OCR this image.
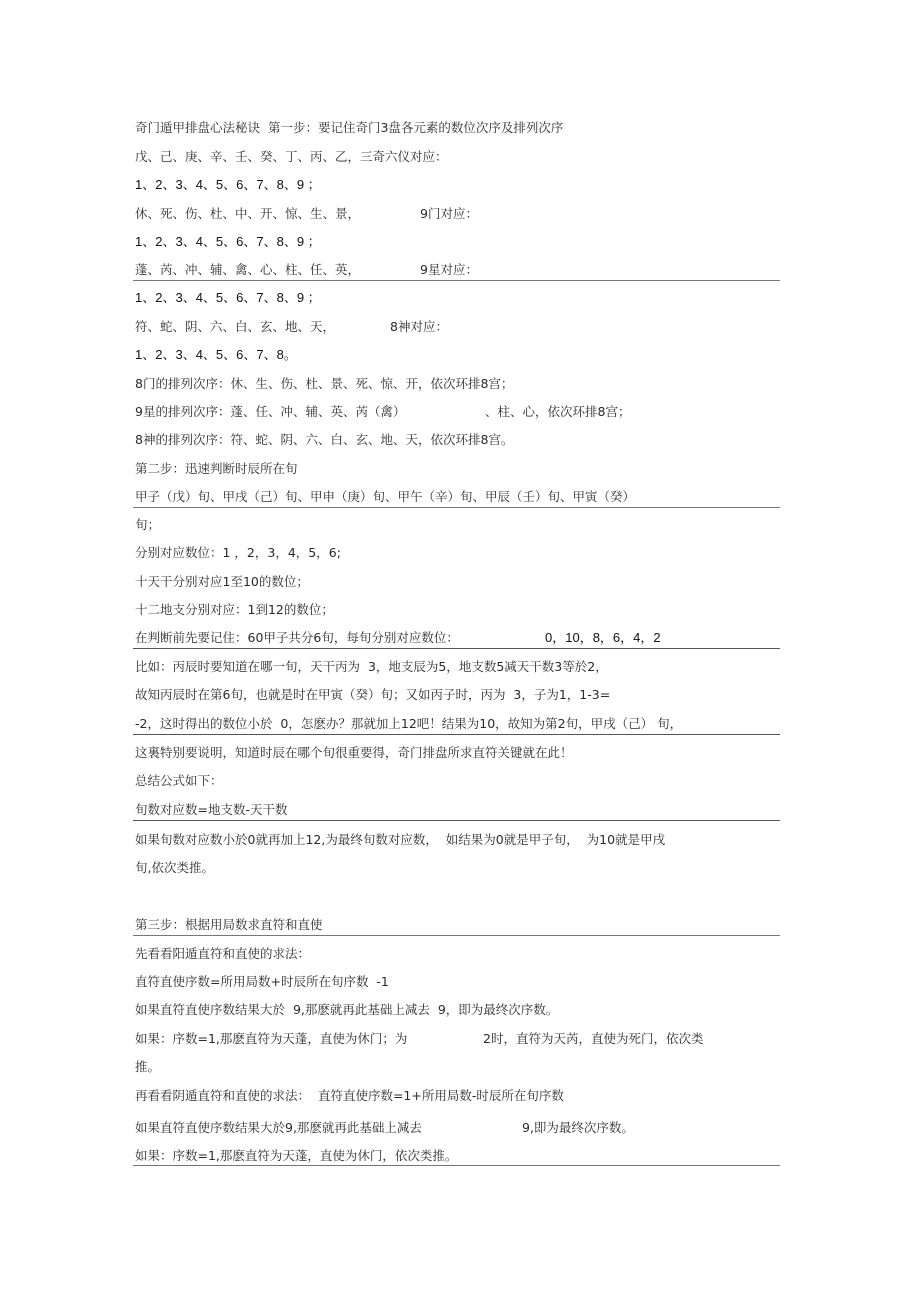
奇门遁甲排盘心法秘诀  第一步：要记住奇门3盘各元素的数位次序及排列次序
戊、己、庚、辛、壬、癸、丁、丙、乙，三奇六仪对应：
1、2、3、4、5、6、7、8、9 ；
休、死、伤、杜、中、开、惊、生、景，	9门对应：
1、2、3、4、5、6、7、8、9 ；
蓬、芮、冲、辅、禽、心、柱、任、英，	9星对应：
1、2、3、4、5、6、7、8、9 ；
符、蛇、阴、六、白、玄、地、天，	8神对应：
1、2、3、4、5、6、7、8。
8门的排列次序：休、生、伤、杜、景、死、惊、开，依次环排8宫；
9星的排列次序：蓬、任、冲、辅、英、芮（禽）	、柱、心，依次环排8宫；
8神的排列次序：符、蛇、阴、六、白、玄、地、天，依次环排8宫。
第二步：迅速判断时辰所在旬
甲子（戊）旬、甲戌（己）旬、甲申（庚）旬、甲午（辛）旬、甲辰（壬）旬、甲寅（癸）
旬；
分别对应数位：1 ，2，3，4，5，6;
十天干分别对应1至10的数位；
十二地支分别对应：1到12的数位；
在判断前先要记住：60甲子共分6旬，每旬分别对应数位：	0，10，8，6，4，2
比如：丙辰时要知道在哪一旬，天干丙为  3，地支辰为5，地支数5减天干数3等於2，
故知丙辰时在第6旬，也就是时在甲寅（癸）旬；又如丙子时，丙为  3，子为1，1-3=
-2，这时得出的数位小於  0，怎麽办？那就加上12吧！结果为10，故知为第2旬，甲戌（己） 旬，
这裏特别要说明，知道时辰在哪个旬很重要得，奇门排盘所求直符关键就在此！
总结公式如下：
旬数对应数=地支数-天干数
如果旬数对应数小於0就再加上12,为最终旬数对应数，  如结果为0就是甲子旬，  为10就是甲戌
旬,依次类推。
第三步：根据用局数求直符和直使
先看看阳遁直符和直使的求法：
直符直使序数=所用局数+时辰所在旬序数  -1
如果直符直使序数结果大於  9,那麽就再此基础上减去  9，即为最终次序数。
如果：序数=1,那麽直符为天蓬，直使为休门；为	2时，直符为天芮，直使为死门，依次类
推。
再看看阴遁直符和直使的求法：  直符直使序数=1+所用局数-时辰所在旬序数
如果直符直使序数结果大於9,那麽就再此基础上减去	9,即为最终次序数。
如果：序数=1,那麽直符为天蓬，直使为休门，依次类推。
